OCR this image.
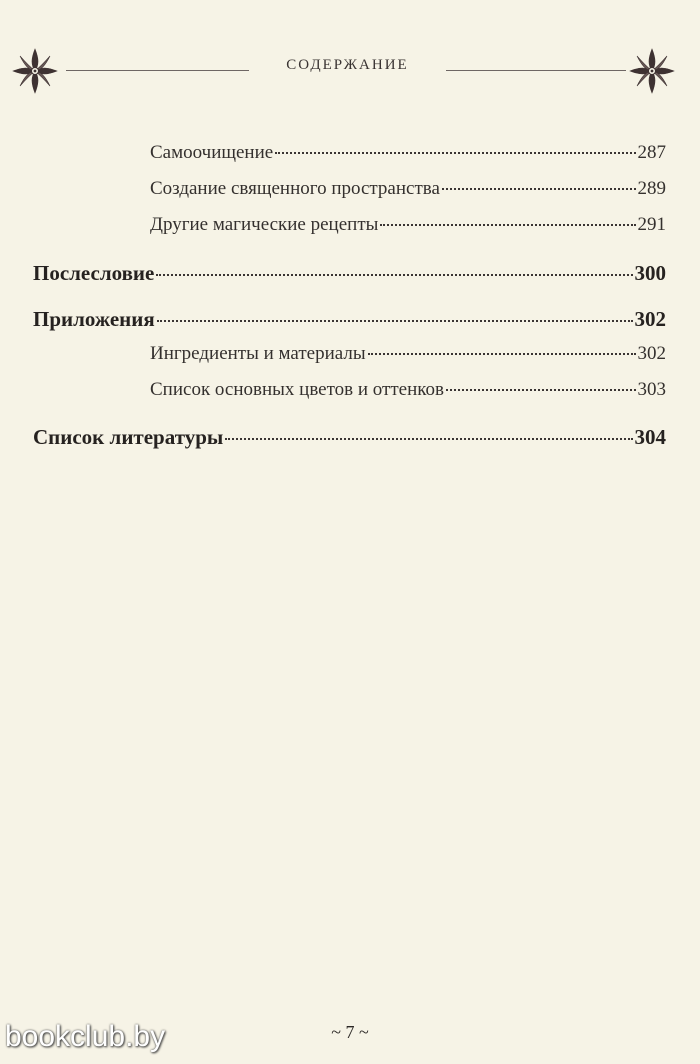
СОДЕРЖАНИЕ
Самоочищение	287
Создание священного пространства	289
Другие магические рецепты	291
Послесловие	300
Приложения	302
Ингредиенты и материалы	302
Список основных цветов и оттенков	303
Список литературы	304
~ 7 ~
bookclub.by
